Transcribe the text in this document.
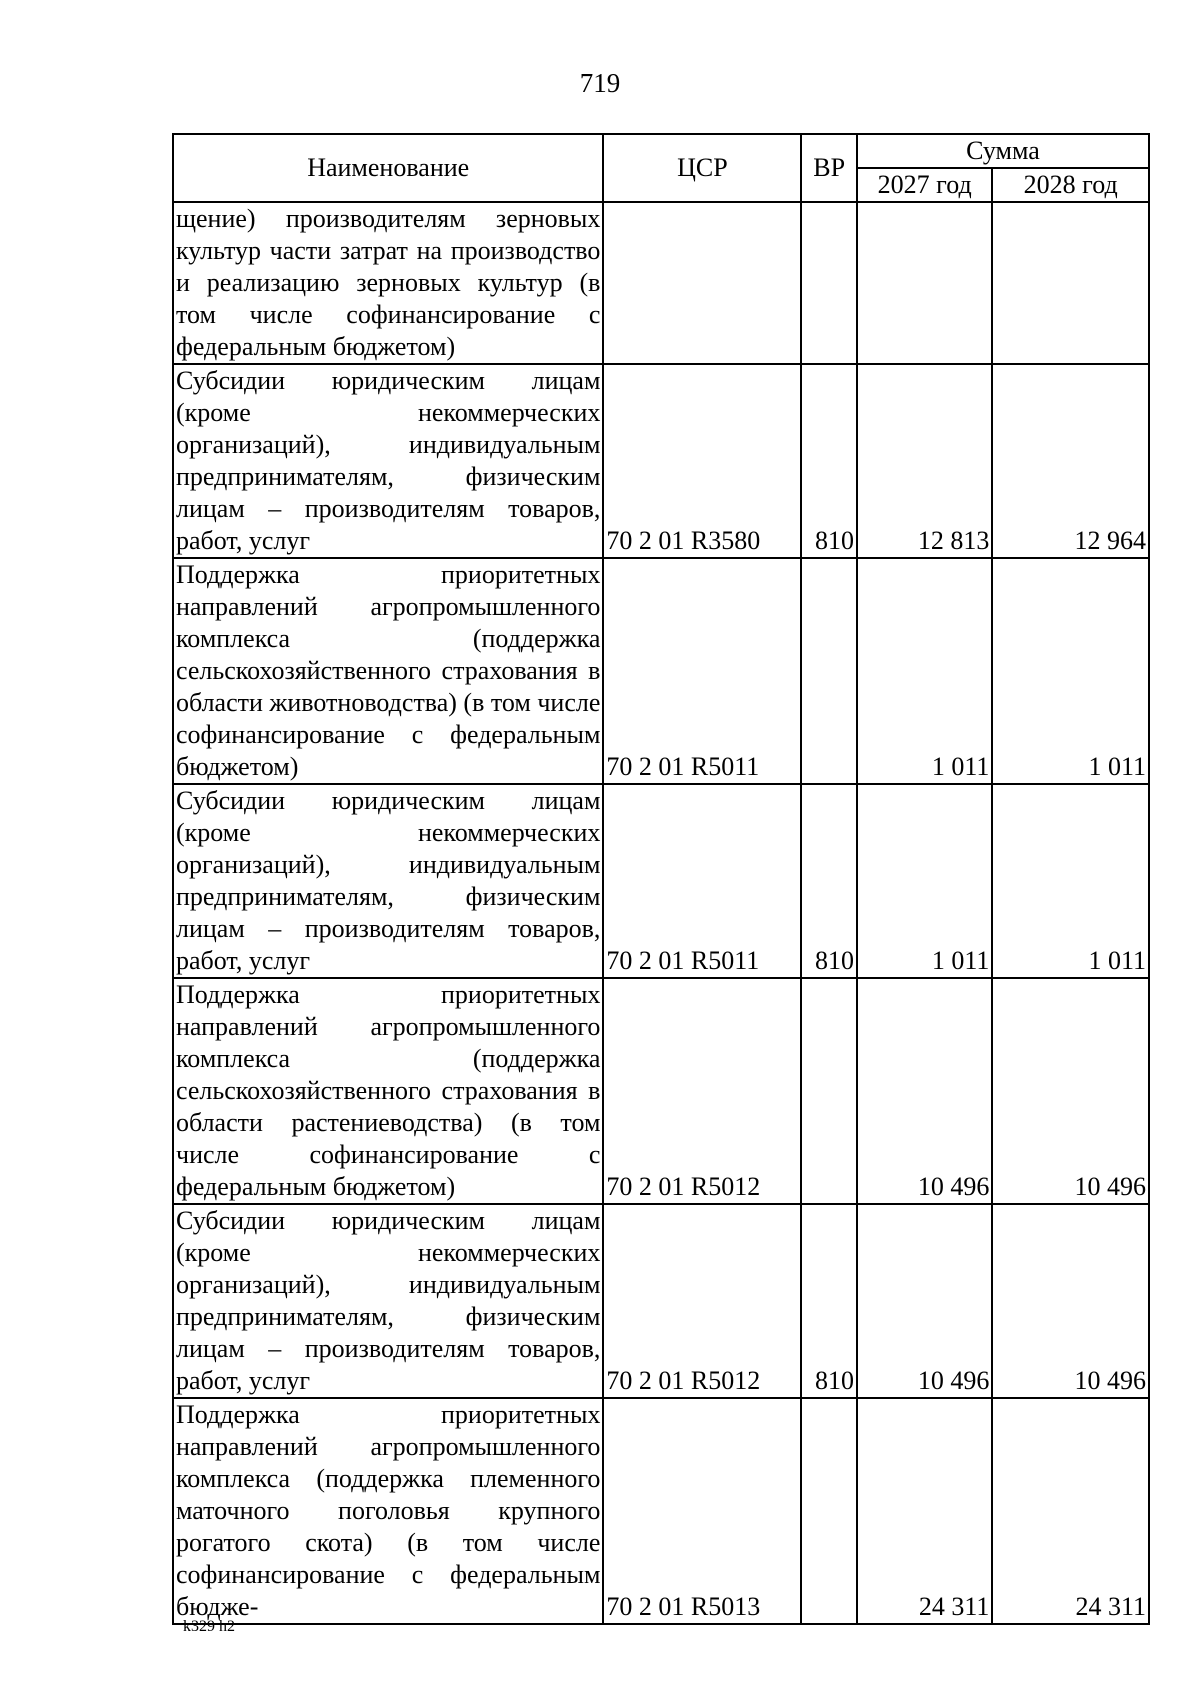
719
Наименование	ЦСР	ВР	Сумма	
			2027 год	2028 год
щение) производителям зерновых культур части затрат на производство и реализацию зерновых культур (в том числе софинансирование с федеральным бюджетом)				
Субсидии юридическим лицам (кроме некоммерческих организаций), индивидуальным предпринимателям, физическим лицам – производителям товаров, работ, услуг	70 2 01 R3580	810	12 813	12 964
Поддержка приоритетных направлений агропромышленного комплекса (поддержка сельскохозяйственного страхования в области животноводства) (в том числе софинансирование с федеральным бюджетом)	70 2 01 R5011		1 011	1 011
Субсидии юридическим лицам (кроме некоммерческих организаций), индивидуальным предпринимателям, физическим лицам – производителям товаров, работ, услуг	70 2 01 R5011	810	1 011	1 011
Поддержка приоритетных направлений агропромышленного комплекса (поддержка сельскохозяйственного страхования в области растениеводства) (в том числе софинансирование с федеральным бюджетом)	70 2 01 R5012		10 496	10 496
Субсидии юридическим лицам (кроме некоммерческих организаций), индивидуальным предпринимателям, физическим лицам – производителям товаров, работ, услуг	70 2 01 R5012	810	10 496	10 496
Поддержка приоритетных направлений агропромышленного комплекса (поддержка племенного маточного поголовья крупного рогатого скота) (в том числе софинансирование с федеральным бюдже-	70 2 01 R5013		24 311	24 311
k329 h2
